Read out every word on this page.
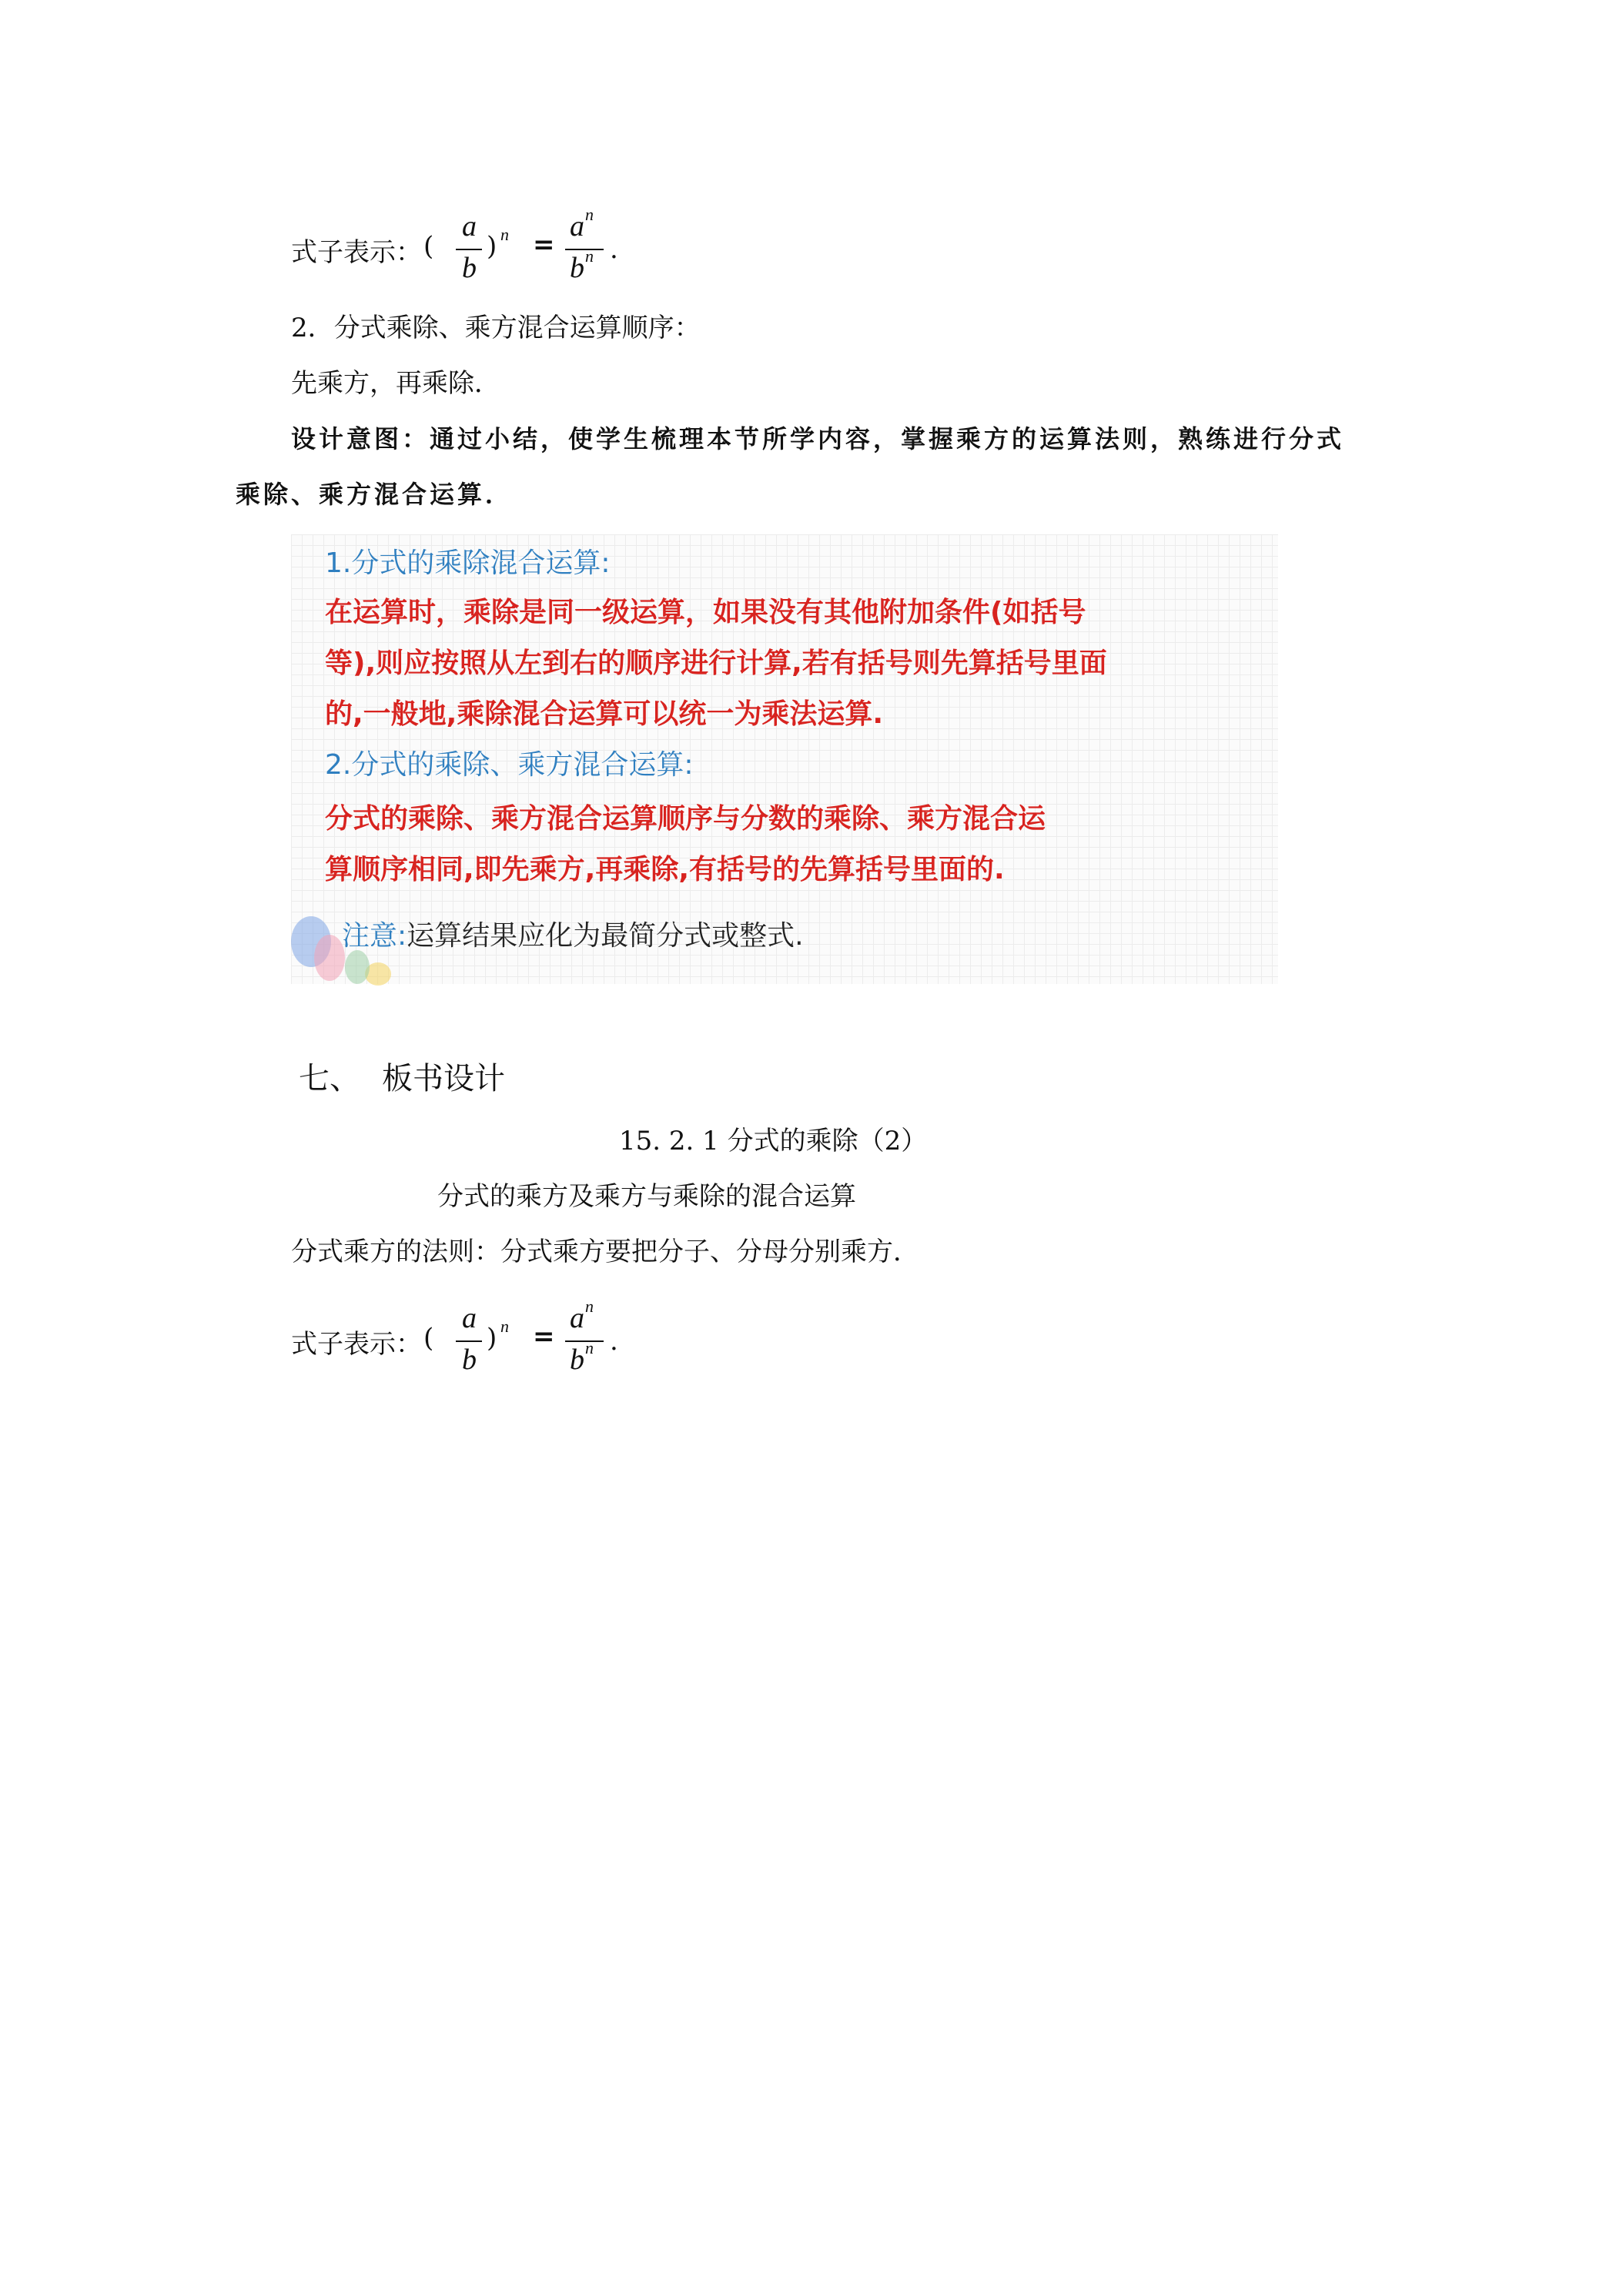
式子表示： (
a
b
) n =
a n
b n .
2．分式乘除、乘方混合运算顺序：
先乘方，再乘除．
设计意图：通过小结，使学生梳理本节所学内容，掌握乘方的运算法则，熟练进行分式
乘除、乘方混合运算．
1.分式的乘除混合运算:
在运算时，乘除是同一级运算，如果没有其他附加条件(如括号
等),则应按照从左到右的顺序进行计算,若有括号则先算括号里面
的,一般地,乘除混合运算可以统一为乘法运算.
2.分式的乘除、乘方混合运算:
分式的乘除、乘方混合运算顺序与分数的乘除、乘方混合运
算顺序相同,即先乘方,再乘除,有括号的先算括号里面的.
注意:运算结果应化为最简分式或整式.
七、 板书设计
15. 2. 1 分式的乘除（2）
分式的乘方及乘方与乘除的混合运算
分式乘方的法则：分式乘方要把分子、分母分别乘方．
式子表示： (
a
b
) n =
a n
b n .
